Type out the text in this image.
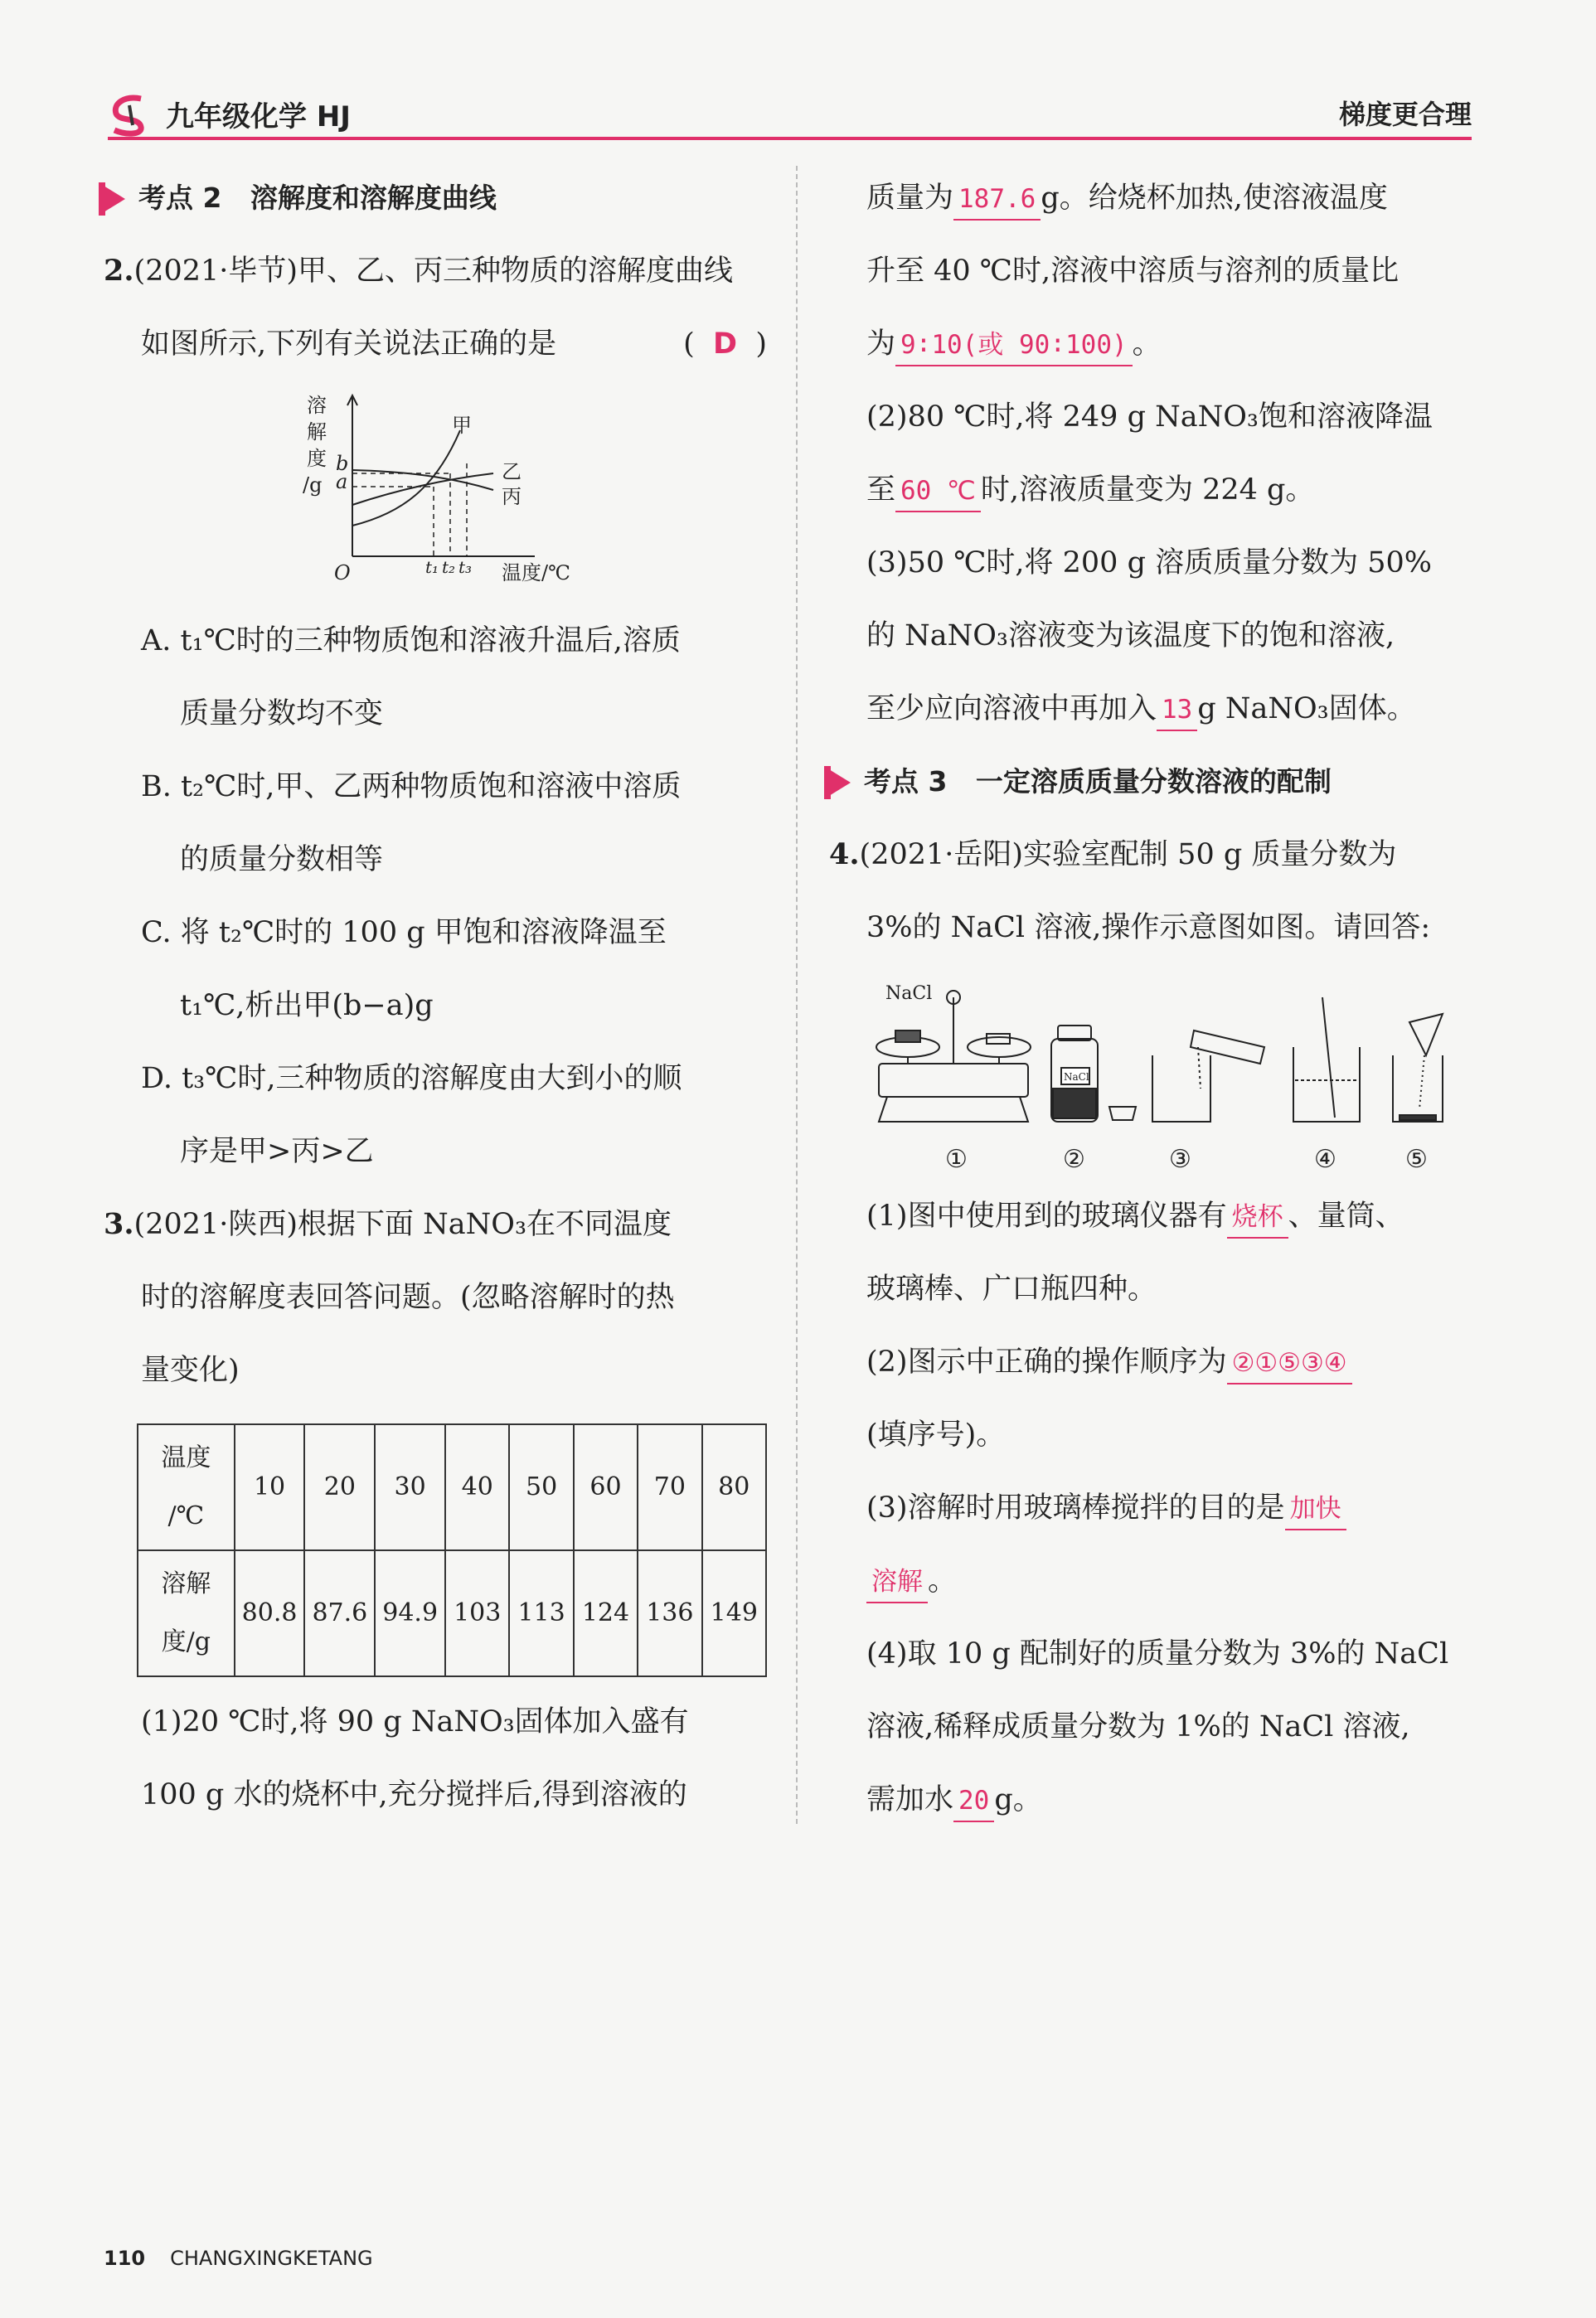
九年级化学 HJ	梯度更合理
考点 2 溶解度和溶解度曲线
2.(2021·毕节)甲、乙、丙三种物质的溶解度曲线
如图所示,下列有关说法正确的是	( D )
溶
解
度
/g
b
a
O	温度/℃
t₁ t₂ t₃
甲
乙
丙
A. t₁℃时的三种物质饱和溶液升温后,溶质
质量分数均不变
B. t₂℃时,甲、乙两种物质饱和溶液中溶质
的质量分数相等
C. 将 t₂℃时的 100 g 甲饱和溶液降温至
t₁℃,析出甲(b−a)g
D. t₃℃时,三种物质的溶解度由大到小的顺
序是甲>丙>乙
3.(2021·陕西)根据下面 NaNO₃在不同温度
时的溶解度表回答问题。(忽略溶解时的热
量变化)
温度
/℃	10	20	30	40	50	60	70	80
溶解
度/g	80.8	87.6	94.9	103	113	124	136	149
(1)20 ℃时,将 90 g NaNO₃固体加入盛有
100 g 水的烧杯中,充分搅拌后,得到溶液的
质量为 187.6 g。给烧杯加热,使溶液温度
升至 40 ℃时,溶液中溶质与溶剂的质量比
为 9∶10(或 90∶100) 。
(2)80 ℃时,将 249 g NaNO₃饱和溶液降温
至 60 ℃ 时,溶液质量变为 224 g。
(3)50 ℃时,将 200 g 溶质质量分数为 50%
的 NaNO₃溶液变为该温度下的饱和溶液,
至少应向溶液中再加入 13 g NaNO₃固体。
考点 3 一定溶质质量分数溶液的配制
4.(2021·岳阳)实验室配制 50 g 质量分数为
3%的 NaCl 溶液,操作示意图如图。请回答:
NaCl
NaCl
①	②	③	④	⑤
(1)图中使用到的玻璃仪器有 烧杯 、量筒、
玻璃棒、广口瓶四种。
(2)图示中正确的操作顺序为 ②①⑤③④
(填序号)。
(3)溶解时用玻璃棒搅拌的目的是 加快
溶解 。
(4)取 10 g 配制好的质量分数为 3%的 NaCl
溶液,稀释成质量分数为 1%的 NaCl 溶液,
需加水 20 g。
110 CHANGXINGKETANG
